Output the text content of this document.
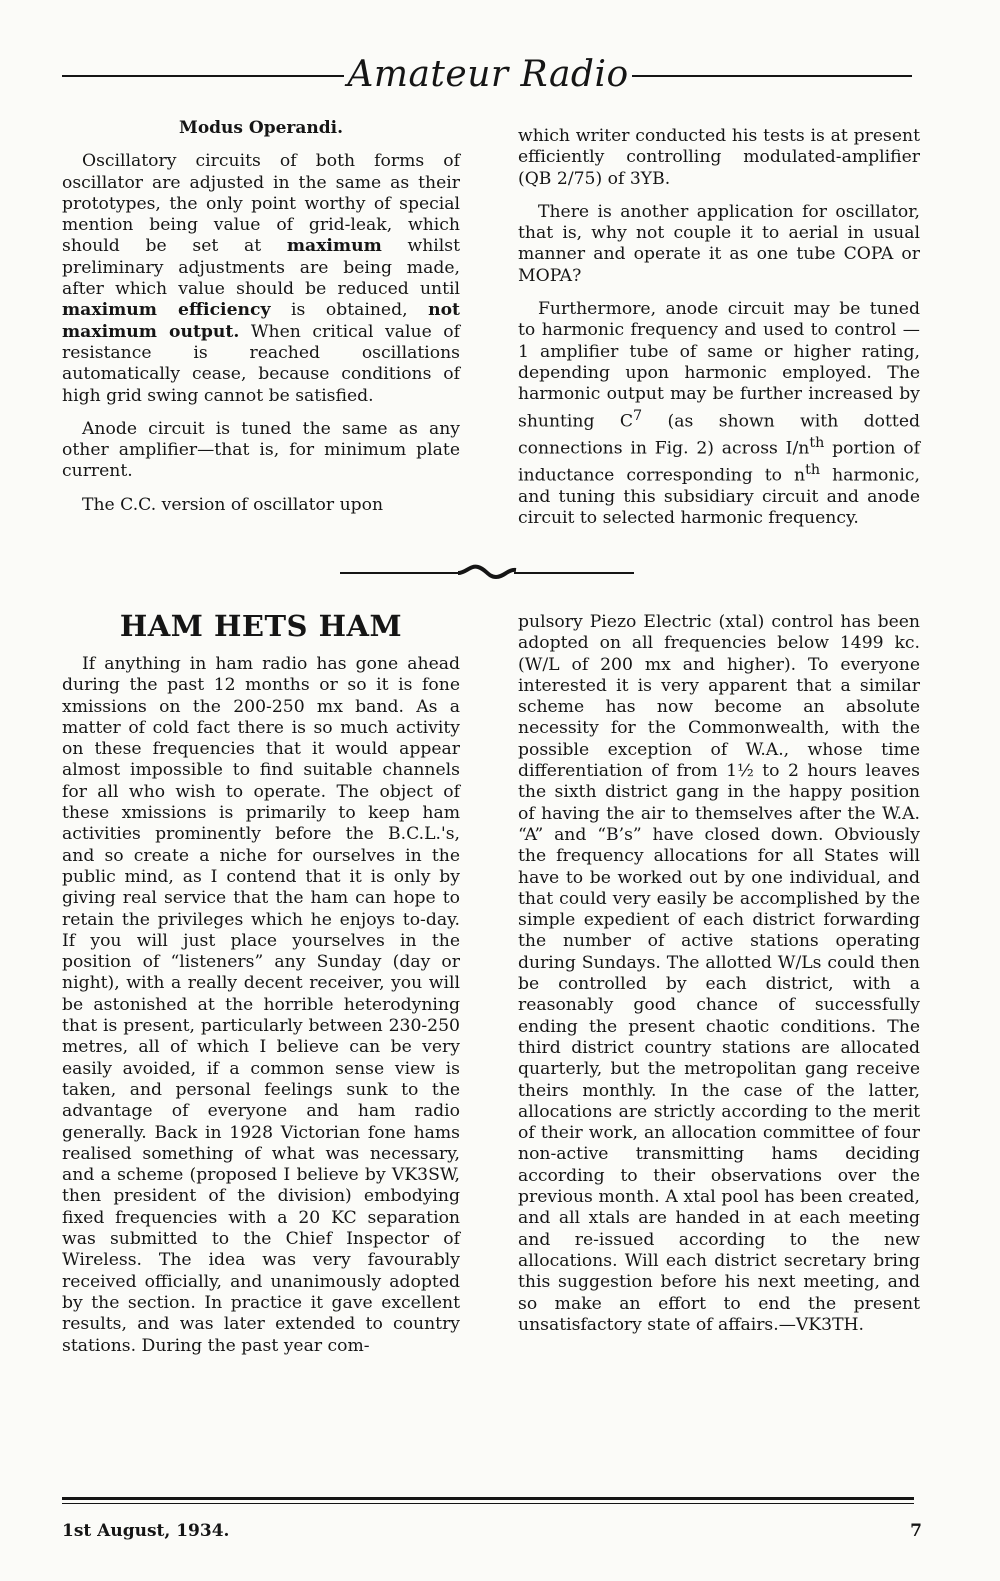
Amateur Radio
Modus Operandi.

Oscillatory circuits of both forms of oscillator are adjusted in the same as their prototypes, the only point worthy of special mention being value of grid-leak, which should be set at maximum whilst preliminary adjustments are being made, after which value should be reduced until maximum efficiency is obtained, not maximum output. When critical value of resistance is reached oscillations automatically cease, because conditions of high grid swing cannot be satisfied.

Anode circuit is tuned the same as any other amplifier—that is, for minimum plate current.

The C.C. version of oscillator upon

which writer conducted his tests is at present efficiently controlling modulated-amplifier (QB 2/75) of 3YB.

There is another application for oscillator, that is, why not couple it to aerial in usual manner and operate it as one tube COPA or MOPA?

Furthermore, anode circuit may be tuned to harmonic frequency and used to control —1 amplifier tube of same or higher rating, depending upon harmonic employed. The harmonic output may be further increased by shunting $C^7$ (as shown with dotted connections in Fig. 2) across $I/n^{th}$ portion of inductance corresponding to $n^{th}$ harmonic, and tuning this subsidiary circuit and anode circuit to selected harmonic frequency.

HAM HETS HAM

If anything in ham radio has gone ahead during the past 12 months or so it is fone xmissions on the 200-250 mx band. As a matter of cold fact there is so much activity on these frequencies that it would appear almost impossible to find suitable channels for all who wish to operate. The object of these xmissions is primarily to keep ham activities prominently before the B.C.L.'s, and so create a niche for ourselves in the public mind, as I contend that it is only by giving real service that the ham can hope to retain the privileges which he enjoys to-day. If you will just place yourselves in the position of “listeners” any Sunday (day or night), with a really decent receiver, you will be astonished at the horrible heterodyning that is present, particularly between 230-250 metres, all of which I believe can be very easily avoided, if a common sense view is taken, and personal feelings sunk to the advantage of everyone and ham radio generally. Back in 1928 Victorian fone hams realised something of what was necessary, and a scheme (proposed I believe by VK3SW, then president of the division) embodying fixed frequencies with a 20 KC separation was submitted to the Chief Inspector of Wireless. The idea was very favourably received officially, and unanimously adopted by the section. In practice it gave excellent results, and was later extended to country stations. During the past year com-

pulsory Piezo Electric (xtal) control has been adopted on all frequencies below 1499 kc. (W/L of 200 mx and higher). To everyone interested it is very apparent that a similar scheme has now become an absolute necessity for the Commonwealth, with the possible exception of W.A., whose time differentiation of from 1½ to 2 hours leaves the sixth district gang in the happy position of having the air to themselves after the W.A. “A” and “B’s” have closed down. Obviously the frequency allocations for all States will have to be worked out by one individual, and that could very easily be accomplished by the simple expedient of each district forwarding the number of active stations operating during Sundays. The allotted W/Ls could then be controlled by each district, with a reasonably good chance of successfully ending the present chaotic conditions. The third district country stations are allocated quarterly, but the metropolitan gang receive theirs monthly. In the case of the latter, allocations are strictly according to the merit of their work, an allocation committee of four non-active transmitting hams deciding according to their observations over the previous month. A xtal pool has been created, and all xtals are handed in at each meeting and re-issued according to the new allocations. Will each district secretary bring this suggestion before his next meeting, and so make an effort to end the present unsatisfactory state of affairs.—VK3TH.

1st August, 1934.	7
